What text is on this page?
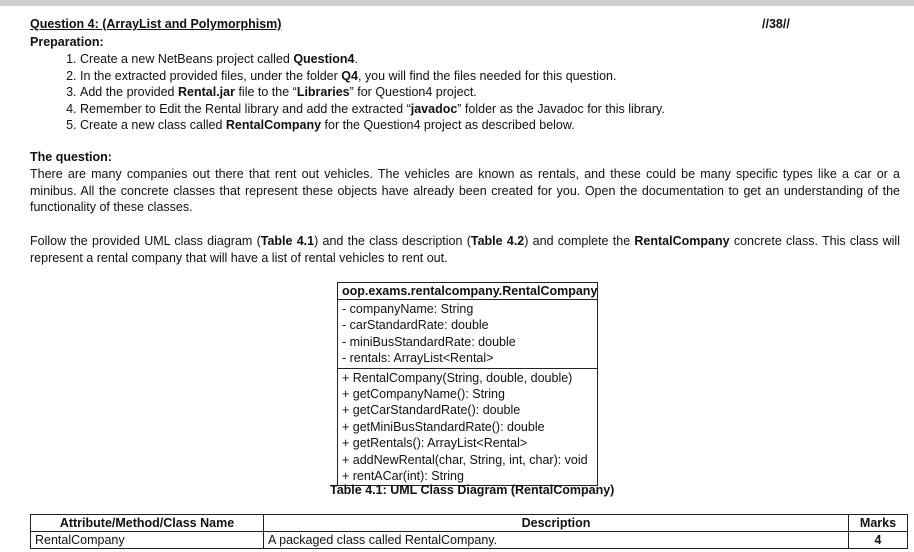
Question 4: (ArrayList and Polymorphism)	//38//
Preparation:
1. Create a new NetBeans project called Question4.
2. In the extracted provided files, under the folder Q4, you will find the files needed for this question.
3. Add the provided Rental.jar file to the “Libraries” for Question4 project.
4. Remember to Edit the Rental library and add the extracted “javadoc” folder as the Javadoc for this library.
5. Create a new class called RentalCompany for the Question4 project as described below.
The question:
There are many companies out there that rent out vehicles. The vehicles are known as rentals, and these could be many specific types like a car or a minibus. All the concrete classes that represent these objects have already been created for you. Open the documentation to get an understanding of the functionality of these classes.
Follow the provided UML class diagram (Table 4.1) and the class description (Table 4.2) and complete the RentalCompany concrete class. This class will represent a rental company that will have a list of rental vehicles to rent out.
oop.exams.rentalcompany.RentalCompany
- companyName: String
- carStandardRate: double
- miniBusStandardRate: double
- rentals: ArrayList<Rental>
+ RentalCompany(String, double, double)
+ getCompanyName(): String
+ getCarStandardRate(): double
+ getMiniBusStandardRate(): double
+ getRentals(): ArrayList<Rental>
+ addNewRental(char, String, int, char): void
+ rentACar(int): String
Table 4.1: UML Class Diagram (RentalCompany)
Attribute/Method/Class Name	Description	Marks
RentalCompany	A packaged class called RentalCompany.	4
